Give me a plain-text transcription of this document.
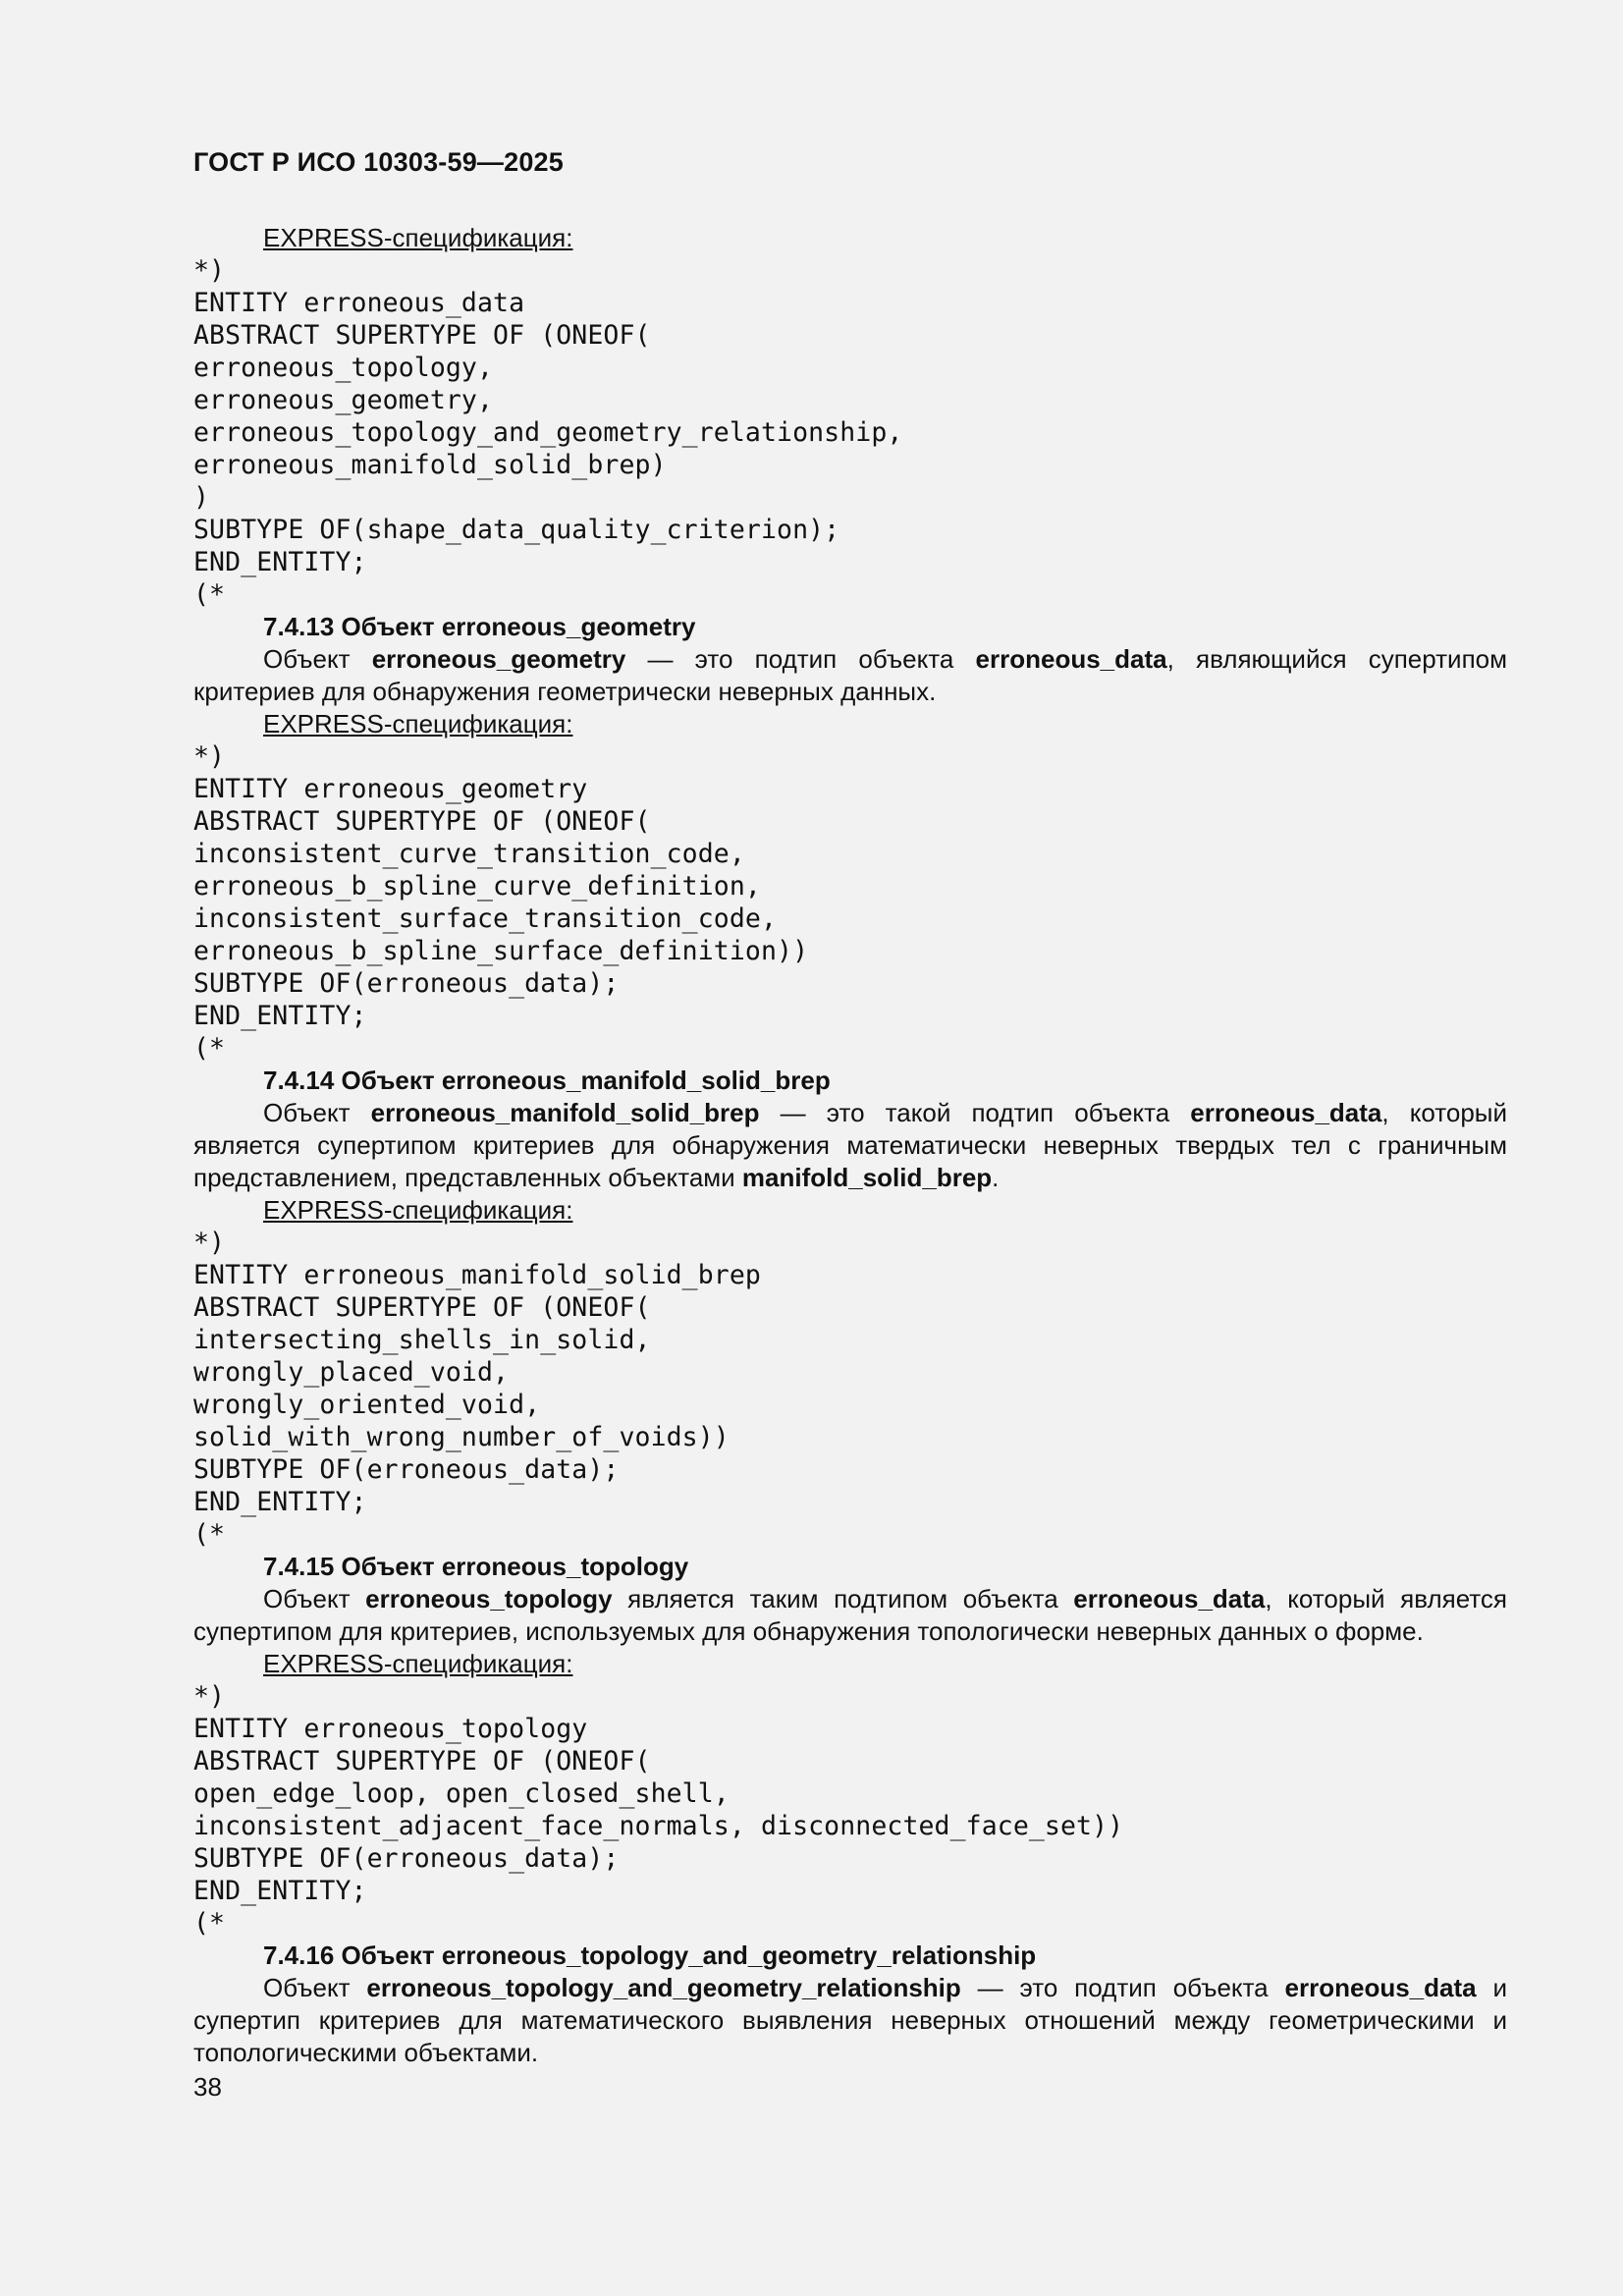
ГОСТ Р ИСО 10303-59—2025
EXPRESS-спецификация:
*)
ENTITY erroneous_data
ABSTRACT SUPERTYPE OF (ONEOF(
erroneous_topology,
erroneous_geometry,
erroneous_topology_and_geometry_relationship,
erroneous_manifold_solid_brep)
)
SUBTYPE OF(shape_data_quality_criterion);
END_ENTITY;
(*
7.4.13 Объект erroneous_geometry
Объект erroneous_geometry — это подтип объекта erroneous_data, являющийся супертипом критериев для обнаружения геометрически неверных данных.
EXPRESS-спецификация:
*)
ENTITY erroneous_geometry
ABSTRACT SUPERTYPE OF (ONEOF(
inconsistent_curve_transition_code,
erroneous_b_spline_curve_definition,
inconsistent_surface_transition_code,
erroneous_b_spline_surface_definition))
SUBTYPE OF(erroneous_data);
END_ENTITY;
(*
7.4.14 Объект erroneous_manifold_solid_brep
Объект erroneous_manifold_solid_brep — это такой подтип объекта erroneous_data, который является супертипом критериев для обнаружения математически неверных твердых тел с граничным представлением, представленных объектами manifold_solid_brep.
EXPRESS-спецификация:
*)
ENTITY erroneous_manifold_solid_brep
ABSTRACT SUPERTYPE OF (ONEOF(
intersecting_shells_in_solid,
wrongly_placed_void,
wrongly_oriented_void,
solid_with_wrong_number_of_voids))
SUBTYPE OF(erroneous_data);
END_ENTITY;
(*
7.4.15 Объект erroneous_topology
Объект erroneous_topology является таким подтипом объекта erroneous_data, который является супертипом для критериев, используемых для обнаружения топологически неверных данных о форме.
EXPRESS-спецификация:
*)
ENTITY erroneous_topology
ABSTRACT SUPERTYPE OF (ONEOF(
open_edge_loop, open_closed_shell,
inconsistent_adjacent_face_normals, disconnected_face_set))
SUBTYPE OF(erroneous_data);
END_ENTITY;
(*
7.4.16 Объект erroneous_topology_and_geometry_relationship
Объект erroneous_topology_and_geometry_relationship — это подтип объекта erroneous_data и супертип критериев для математического выявления неверных отношений между геометрическими и топологическими объектами.
38
